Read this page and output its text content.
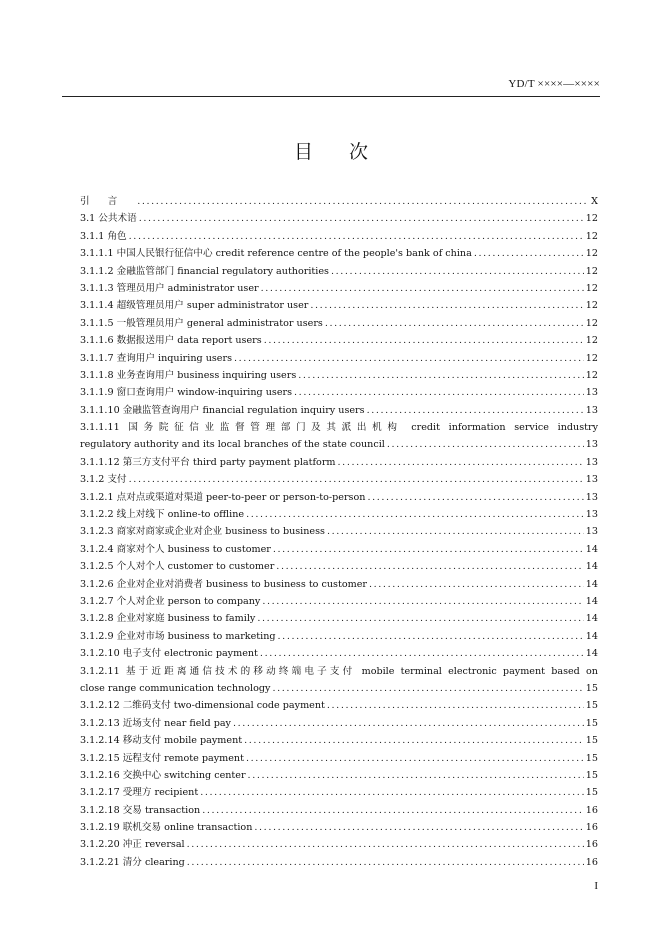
YD/T ××××—××××
目次
引言 .....	X
3.1 公共术语 .....	12
3.1.1 角色 .....	12
3.1.1.1 中国人民银行征信中心 credit reference centre of the people's bank of china .....	12
3.1.1.2 金融监管部门 financial regulatory authorities .....	12
3.1.1.3 管理员用户 administrator user .....	12
3.1.1.4 超级管理员用户 super administrator user .....	12
3.1.1.5 一般管理员用户 general administrator users .....	12
3.1.1.6 数据报送用户 data report users .....	12
3.1.1.7 查询用户 inquiring users .....	12
3.1.1.8 业务查询用户 business inquiring users .....	12
3.1.1.9 窗口查询用户 window-inquiring users .....	13
3.1.1.10 金融监管查询用户 financial regulation inquiry users .....	13
3.1.1.11 国务院征信业监督管理部门及其派出机构 credit information service industry
regulatory authority and its local branches of the state council .....	13
3.1.1.12 第三方支付平台 third party payment platform .....	13
3.1.2 支付 .....	13
3.1.2.1 点对点或渠道对渠道 peer-to-peer or person-to-person .....	13
3.1.2.2 线上对线下 online-to offline .....	13
3.1.2.3 商家对商家或企业对企业 business to business .....	13
3.1.2.4 商家对个人 business to customer .....	14
3.1.2.5 个人对个人 customer to customer .....	14
3.1.2.6 企业对企业对消费者 business to business to customer .....	14
3.1.2.7 个人对企业 person to company .....	14
3.1.2.8 企业对家庭 business to family .....	14
3.1.2.9 企业对市场 business to marketing .....	14
3.1.2.10 电子支付 electronic payment .....	14
3.1.2.11 基于近距离通信技术的移动终端电子支付 mobile terminal electronic payment based on
close range communication technology .....	15
3.1.2.12 二维码支付 two-dimensional code payment .....	15
3.1.2.13 近场支付 near field pay .....	15
3.1.2.14 移动支付 mobile payment .....	15
3.1.2.15 远程支付 remote payment .....	15
3.1.2.16 交换中心 switching center .....	15
3.1.2.17 受理方 recipient .....	15
3.1.2.18 交易 transaction .....	16
3.1.2.19 联机交易 online transaction .....	16
3.1.2.20 冲正 reversal .....	16
3.1.2.21 清分 clearing .....	16
I
